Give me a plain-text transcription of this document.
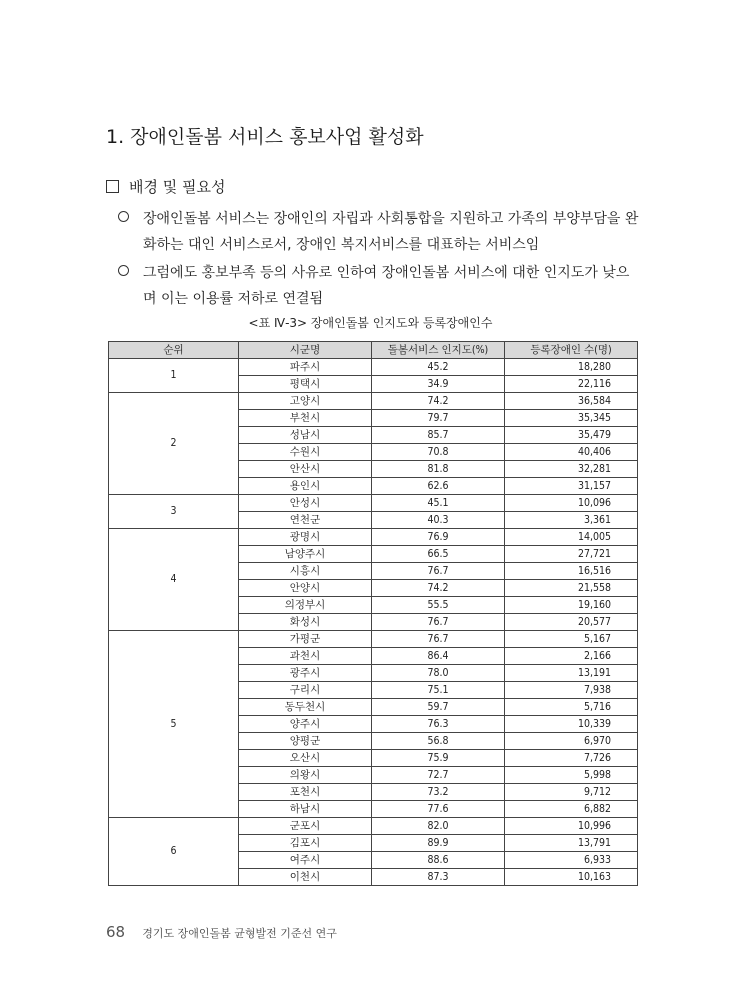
1. 장애인돌봄 서비스 홍보사업 활성화
배경 및 필요성
장애인돌봄 서비스는 장애인의 자립과 사회통합을 지원하고 가족의 부양부담을 완
화하는 대인 서비스로서, 장애인 복지서비스를 대표하는 서비스임
그럼에도 홍보부족 등의 사유로 인하여 장애인돌봄 서비스에 대한 인지도가 낮으
며 이는 이용률 저하로 연결됨
<표 Ⅳ-3> 장애인돌봄 인지도와 등록장애인수
순위	시군명	돌봄서비스 인지도(%)	등록장애인 수(명)
1	파주시	45.2	18,280
	평택시	34.9	22,116
2	고양시	74.2	36,584
	부천시	79.7	35,345
	성남시	85.7	35,479
	수원시	70.8	40,406
	안산시	81.8	32,281
	용인시	62.6	31,157
3	안성시	45.1	10,096
	연천군	40.3	3,361
4	광명시	76.9	14,005
	남양주시	66.5	27,721
	시흥시	76.7	16,516
	안양시	74.2	21,558
	의정부시	55.5	19,160
	화성시	76.7	20,577
5	가평군	76.7	5,167
	과천시	86.4	2,166
	광주시	78.0	13,191
	구리시	75.1	7,938
	동두천시	59.7	5,716
	양주시	76.3	10,339
	양평군	56.8	6,970
	오산시	75.9	7,726
	의왕시	72.7	5,998
	포천시	73.2	9,712
	하남시	77.6	6,882
6	군포시	82.0	10,996
	김포시	89.9	13,791
	여주시	88.6	6,933
	이천시	87.3	10,163
68 경기도 장애인돌봄 균형발전 기준선 연구
